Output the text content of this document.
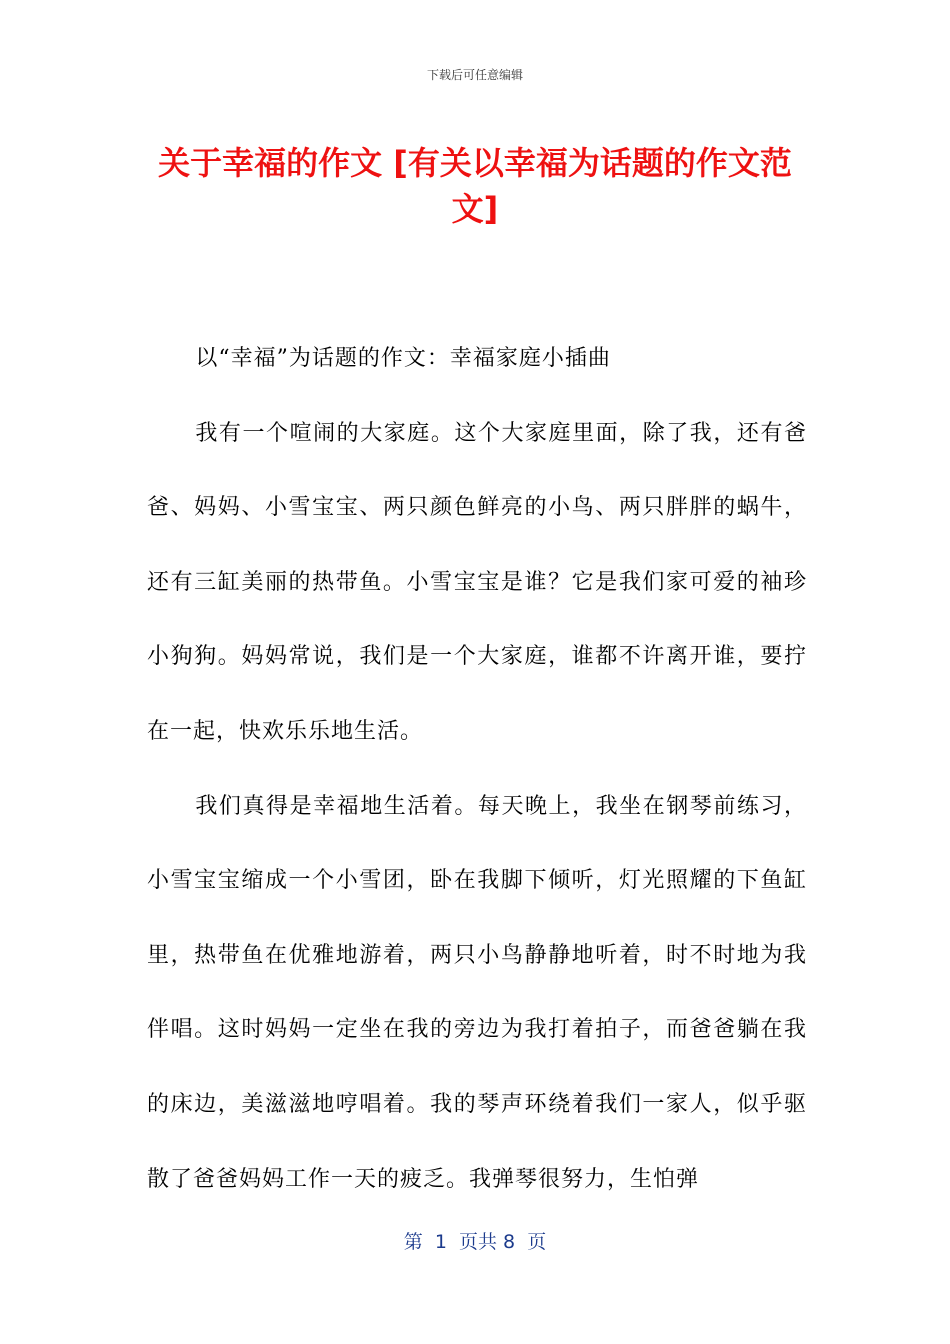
下载后可任意编辑
关于幸福的作文 [有关以幸福为话题的作文范文]

以“幸福”为话题的作文：幸福家庭小插曲

我有一个喧闹的大家庭。这个大家庭里面，除了我，还有爸爸、妈妈、小雪宝宝、两只颜色鲜亮的小鸟、两只胖胖的蜗牛，还有三缸美丽的热带鱼。小雪宝宝是谁？它是我们家可爱的袖珍小狗狗。妈妈常说，我们是一个大家庭，谁都不许离开谁，要拧在一起，快欢乐乐地生活。

我们真得是幸福地生活着。每天晚上，我坐在钢琴前练习，小雪宝宝缩成一个小雪团，卧在我脚下倾听，灯光照耀的下鱼缸里，热带鱼在优雅地游着，两只小鸟静静地听着，时不时地为我伴唱。这时妈妈一定坐在我的旁边为我打着拍子，而爸爸躺在我的床边，美滋滋地哼唱着。我的琴声环绕着我们一家人，似乎驱散了爸爸妈妈工作一天的疲乏。我弹琴很努力，生怕弹

第  1  页共 8  页
